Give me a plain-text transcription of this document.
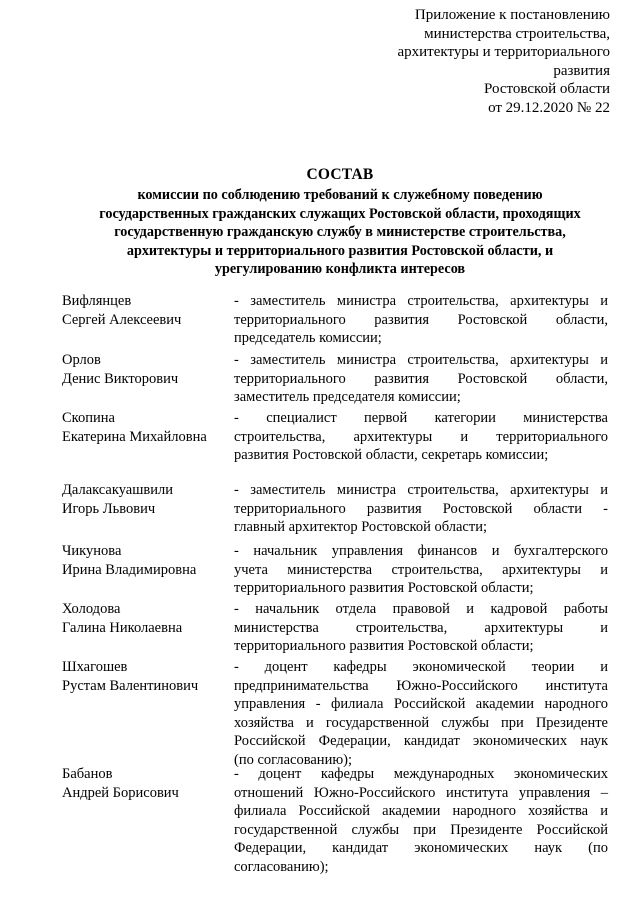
Приложение к постановлению
министерства строительства,
архитектуры и территориального
развития
Ростовской области
от 29.12.2020 № 22
СОСТАВ
комиссии по соблюдению требований к служебному поведению
государственных гражданских служащих Ростовской области, проходящих
государственную гражданскую службу в министерстве строительства,
архитектуры и территориального развития Ростовской области, и
урегулированию конфликта интересов
Вифлянцев
Сергей Алексеевич
- заместитель министра строительства, архитектуры и
территориального развития Ростовской области,
председатель комиссии;
Орлов
Денис Викторович
- заместитель министра строительства, архитектуры и
территориального развития Ростовской области,
заместитель председателя комиссии;
Скопина
Екатерина Михайловна
- специалист первой категории министерства
строительства, архитектуры и территориального
развития Ростовской области, секретарь комиссии;
Далаксакуашвили
Игорь Львович
- заместитель министра строительства, архитектуры и
территориального развития Ростовской области -
главный архитектор Ростовской области;
Чикунова
Ирина Владимировна
- начальник управления финансов и бухгалтерского
учета министерства строительства, архитектуры и
территориального развития Ростовской области;
Холодова
Галина Николаевна
- начальник отдела правовой и кадровой работы
министерства строительства, архитектуры и
территориального развития Ростовской области;
Шхагошев
Рустам Валентинович
- доцент кафедры экономической теории и
предпринимательства Южно-Российского института
управления - филиала Российской академии народного
хозяйства и государственной службы при Президенте
Российской Федерации, кандидат экономических наук
(по согласованию);
Бабанов
Андрей Борисович
- доцент кафедры международных экономических
отношений Южно-Российского института управления –
филиала Российской академии народного хозяйства и
государственной службы при Президенте Российской
Федерации, кандидат экономических наук (по
согласованию);
